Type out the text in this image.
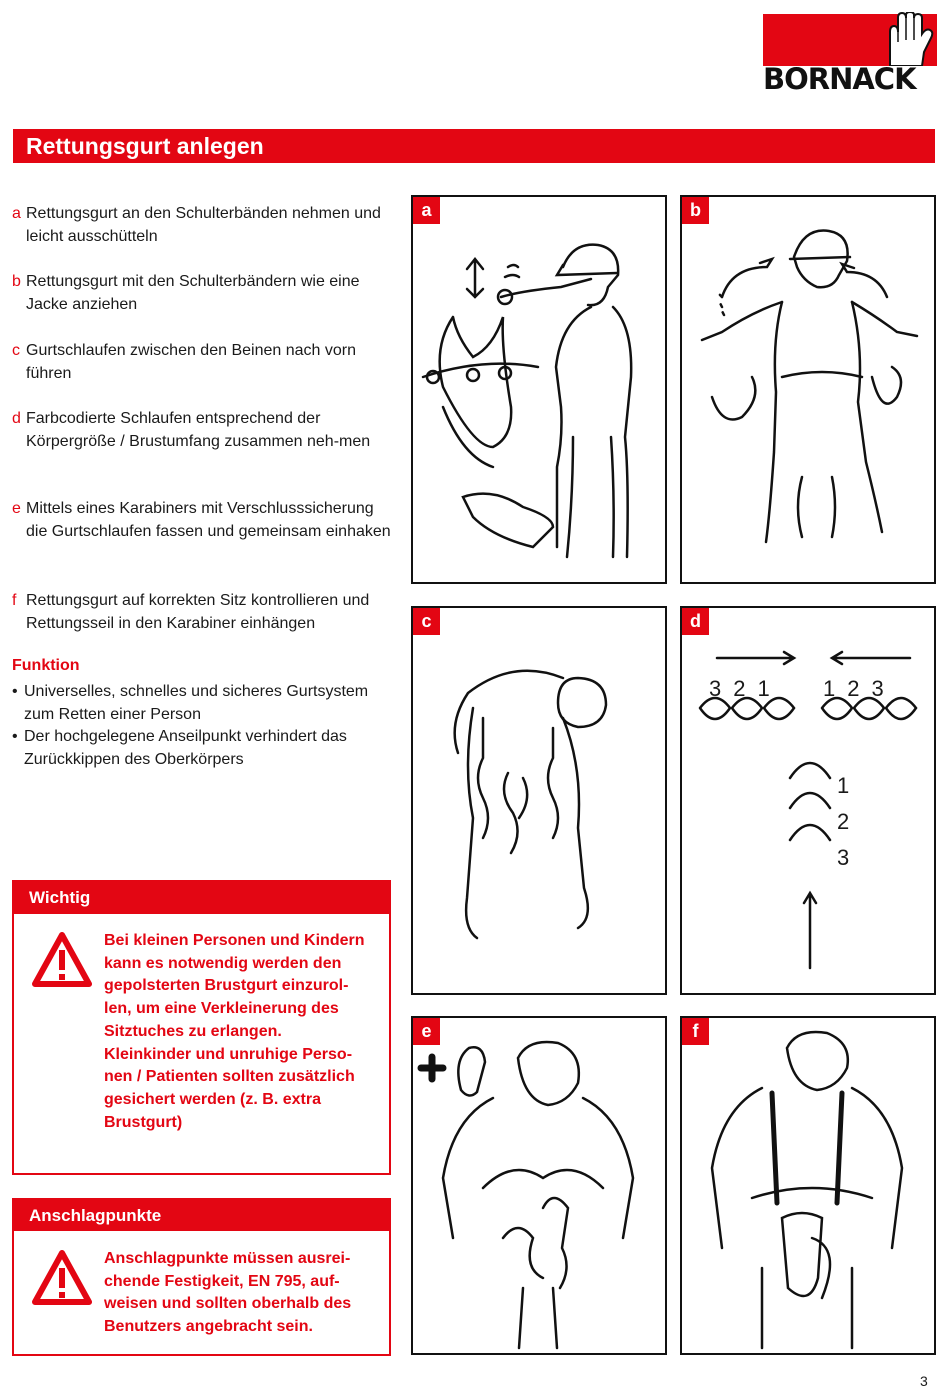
BORNACK
Rettungsgurt anlegen
a Rettungsgurt an den Schulterbänden nehmen und leicht ausschütteln
b Rettungsgurt mit den Schulterbändern wie eine Jacke anziehen
c Gurtschlaufen zwischen den Beinen nach vorn führen
d Farbcodierte Schlaufen entsprechend der Körpergröße / Brustumfang zusammen neh-men
e Mittels eines Karabiners mit Verschlusssicherung die Gurtschlaufen fassen und gemeinsam einhaken
f Rettungsgurt auf korrekten Sitz kontrollieren und Rettungsseil in den Karabiner einhängen
Funktion
• Universelles, schnelles und sicheres Gurtsystem zum Retten einer Person
• Der hochgelegene Anseilpunkt verhindert das Zurückkippen des Oberkörpers
Wichtig
Bei kleinen Personen und Kindern kann es notwendig werden den gepolsterten Brustgurt einzurol-len, um eine Verkleinerung des Sitztuches zu erlangen. Kleinkinder und unruhige Perso-nen / Patienten sollten zusätzlich gesichert werden (z. B. extra Brustgurt)
Anschlagpunkte
Anschlagpunkte müssen ausrei-chende Festigkeit, EN 795, auf-weisen und sollten oberhalb des Benutzers angebracht sein.
a	b
c	d
321 123
1
2
3
e	f
3
